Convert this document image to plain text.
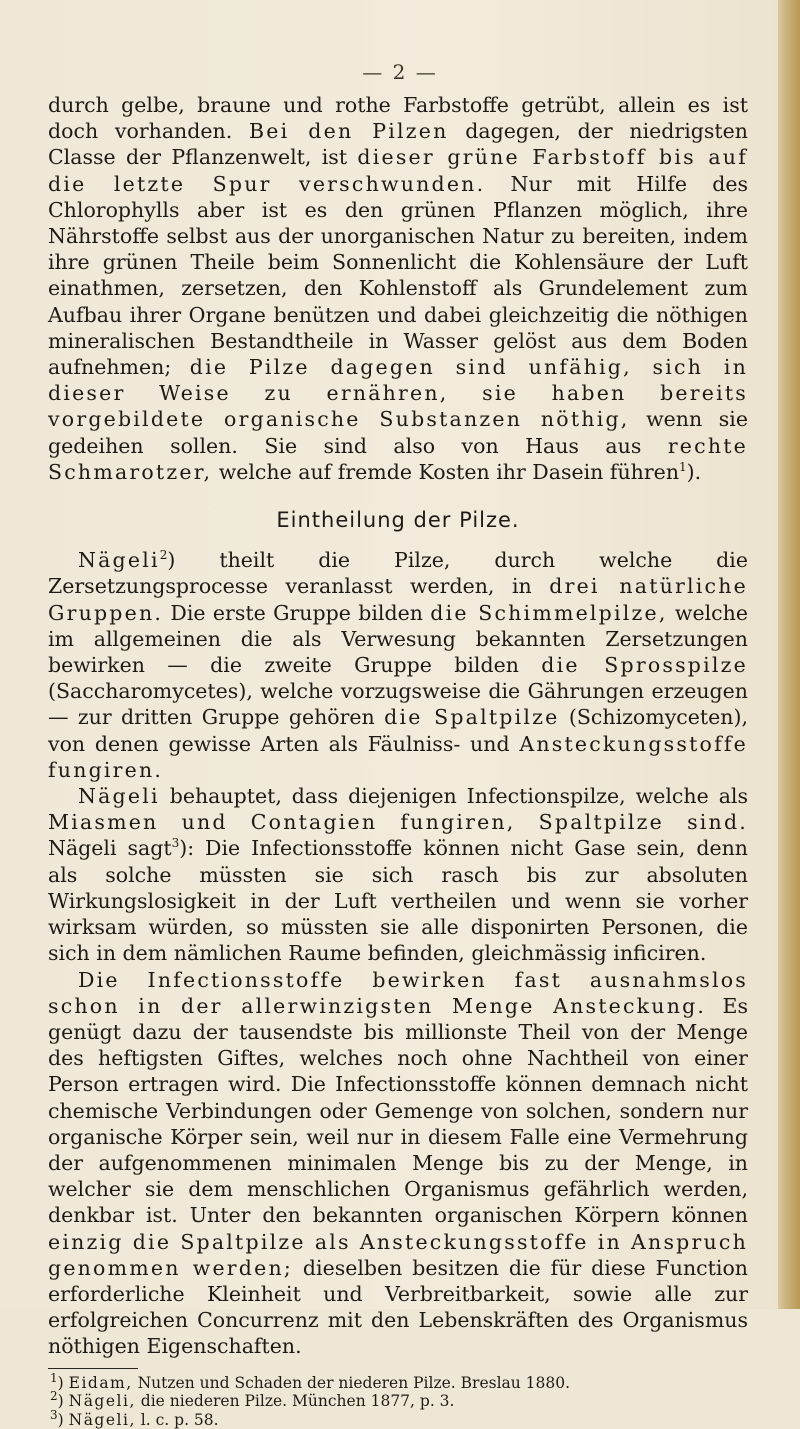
— 2 —

durch gelbe, braune und rothe Farbstoffe getrübt, allein es ist doch vorhanden. Bei den Pilzen dagegen, der niedrigsten Classe der Pflanzenwelt, ist dieser grüne Farbstoff bis auf die letzte Spur verschwunden. Nur mit Hilfe des Chlorophylls aber ist es den grünen Pflanzen möglich, ihre Nährstoffe selbst aus der unorganischen Natur zu bereiten, indem ihre grünen Theile beim Sonnenlicht die Kohlensäure der Luft einathmen, zersetzen, den Kohlenstoff als Grundelement zum Aufbau ihrer Organe benützen und dabei gleichzeitig die nöthigen mineralischen Bestandtheile in Wasser gelöst aus dem Boden aufnehmen; die Pilze dagegen sind unfähig, sich in dieser Weise zu ernähren, sie haben bereits vorgebildete organische Substanzen nöthig, wenn sie gedeihen sollen. Sie sind also von Haus aus rechte Schmarotzer, welche auf fremde Kosten ihr Dasein führen$^1$).

Eintheilung der Pilze.

Nägeli$^2$) theilt die Pilze, durch welche die Zersetzungsprocesse veranlasst werden, in drei natürliche Gruppen. Die erste Gruppe bilden die Schimmelpilze, welche im allgemeinen die als Verwesung bekannten Zersetzungen bewirken — die zweite Gruppe bilden die Sprosspilze (Saccharomycetes), welche vorzugsweise die Gährungen erzeugen — zur dritten Gruppe gehören die Spaltpilze (Schizomyceten), von denen gewisse Arten als Fäulniss- und Ansteckungsstoffe fungiren.

Nägeli behauptet, dass diejenigen Infectionspilze, welche als Miasmen und Contagien fungiren, Spaltpilze sind. Nägeli sagt$^3$): Die Infectionsstoffe können nicht Gase sein, denn als solche müssten sie sich rasch bis zur absoluten Wirkungslosigkeit in der Luft vertheilen und wenn sie vorher wirksam würden, so müssten sie alle disponirten Personen, die sich in dem nämlichen Raume befinden, gleichmässig inficiren.

Die Infectionsstoffe bewirken fast ausnahmslos schon in der allerwinzigsten Menge Ansteckung. Es genügt dazu der tausendste bis millionste Theil von der Menge des heftigsten Giftes, welches noch ohne Nachtheil von einer Person ertragen wird. Die Infectionsstoffe können demnach nicht chemische Verbindungen oder Gemenge von solchen, sondern nur organische Körper sein, weil nur in diesem Falle eine Vermehrung der aufgenommenen minimalen Menge bis zu der Menge, in welcher sie dem menschlichen Organismus gefährlich werden, denkbar ist. Unter den bekannten organischen Körpern können einzig die Spaltpilze als Ansteckungsstoffe in Anspruch genommen werden; dieselben besitzen die für diese Function erforderliche Kleinheit und Verbreitbarkeit, sowie alle zur erfolgreichen Concurrenz mit den Lebenskräften des Organismus nöthigen Eigenschaften.

$^1$) Eidam, Nutzen und Schaden der niederen Pilze. Breslau 1880.

$^2$) Nägeli, die niederen Pilze. München 1877, p. 3.

$^3$) Nägeli, l. c. p. 58.
